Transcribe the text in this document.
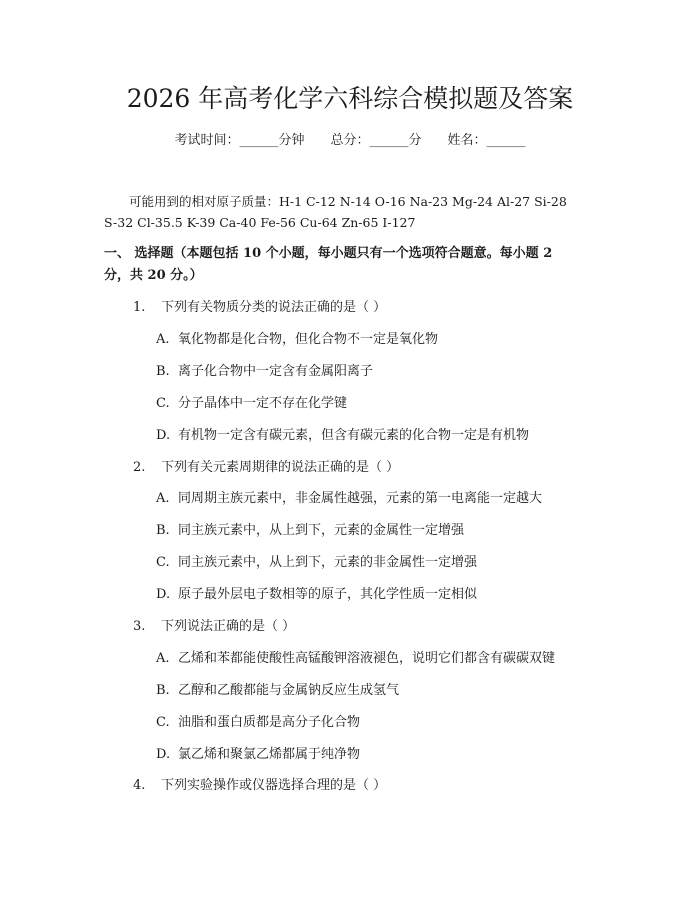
2026 年高考化学六科综合模拟题及答案
考试时间：______分钟 总分：______分 姓名：______
可能用到的相对原子质量：H-1 C-12 N-14 O-16 Na-23 Mg-24 Al-27 Si-28
S-32 Cl-35.5 K-39 Ca-40 Fe-56 Cu-64 Zn-65 I-127
一、 选择题（本题包括 10 个小题，每小题只有一个选项符合题意。每小题 2
分，共 20 分。）
1. 下列有关物质分类的说法正确的是（ ）
A. 氧化物都是化合物，但化合物不一定是氧化物
B. 离子化合物中一定含有金属阳离子
C. 分子晶体中一定不存在化学键
D. 有机物一定含有碳元素，但含有碳元素的化合物一定是有机物
2. 下列有关元素周期律的说法正确的是（ ）
A. 同周期主族元素中，非金属性越强，元素的第一电离能一定越大
B. 同主族元素中，从上到下，元素的金属性一定增强
C. 同主族元素中，从上到下，元素的非金属性一定增强
D. 原子最外层电子数相等的原子，其化学性质一定相似
3. 下列说法正确的是（ ）
A. 乙烯和苯都能使酸性高锰酸钾溶液褪色，说明它们都含有碳碳双键
B. 乙醇和乙酸都能与金属钠反应生成氢气
C. 油脂和蛋白质都是高分子化合物
D. 氯乙烯和聚氯乙烯都属于纯净物
4. 下列实验操作或仪器选择合理的是（ ）
